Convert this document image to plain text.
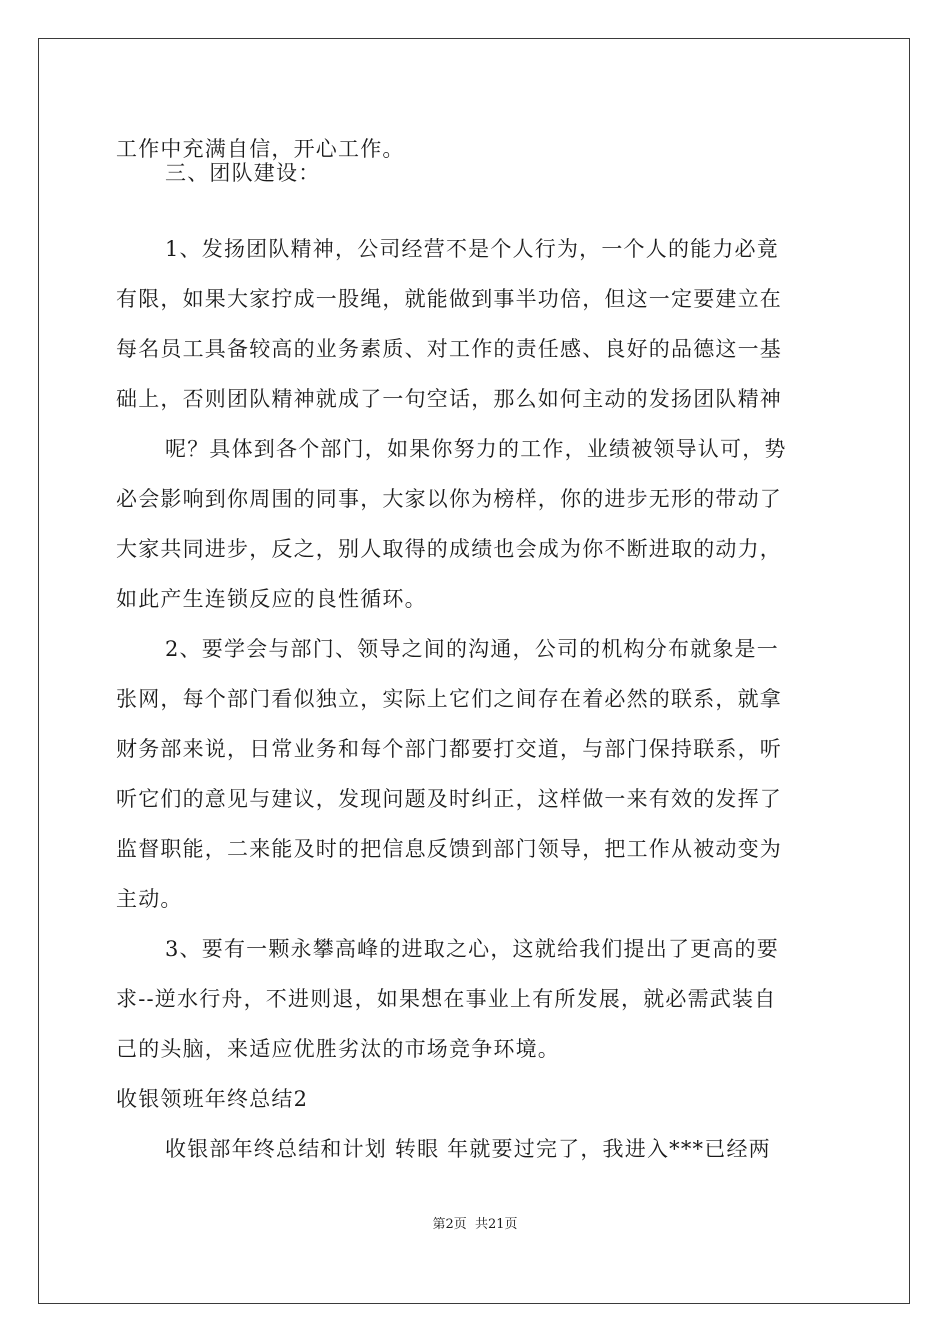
工作中充满自信，开心工作。
三、团队建设：
1、发扬团队精神，公司经营不是个人行为，一个人的能力必竟
有限，如果大家拧成一股绳，就能做到事半功倍，但这一定要建立在
每名员工具备较高的业务素质、对工作的责任感、良好的品德这一基
础上，否则团队精神就成了一句空话，那么如何主动的发扬团队精神
呢？具体到各个部门，如果你努力的工作，业绩被领导认可，势
必会影响到你周围的同事，大家以你为榜样，你的进步无形的带动了
大家共同进步，反之，别人取得的成绩也会成为你不断进取的动力，
如此产生连锁反应的良性循环。
2、要学会与部门、领导之间的沟通，公司的机构分布就象是一
张网，每个部门看似独立，实际上它们之间存在着必然的联系，就拿
财务部来说，日常业务和每个部门都要打交道，与部门保持联系，听
听它们的意见与建议，发现问题及时纠正，这样做一来有效的发挥了
监督职能，二来能及时的把信息反馈到部门领导，把工作从被动变为
主动。
3、要有一颗永攀高峰的进取之心，这就给我们提出了更高的要
求--逆水行舟，不进则退，如果想在事业上有所发展，就必需武装自
己的头脑，来适应优胜劣汰的市场竞争环境。
收银领班年终总结2
收银部年终总结和计划 转眼 年就要过完了，我进入***已经两
第2页 共21页
